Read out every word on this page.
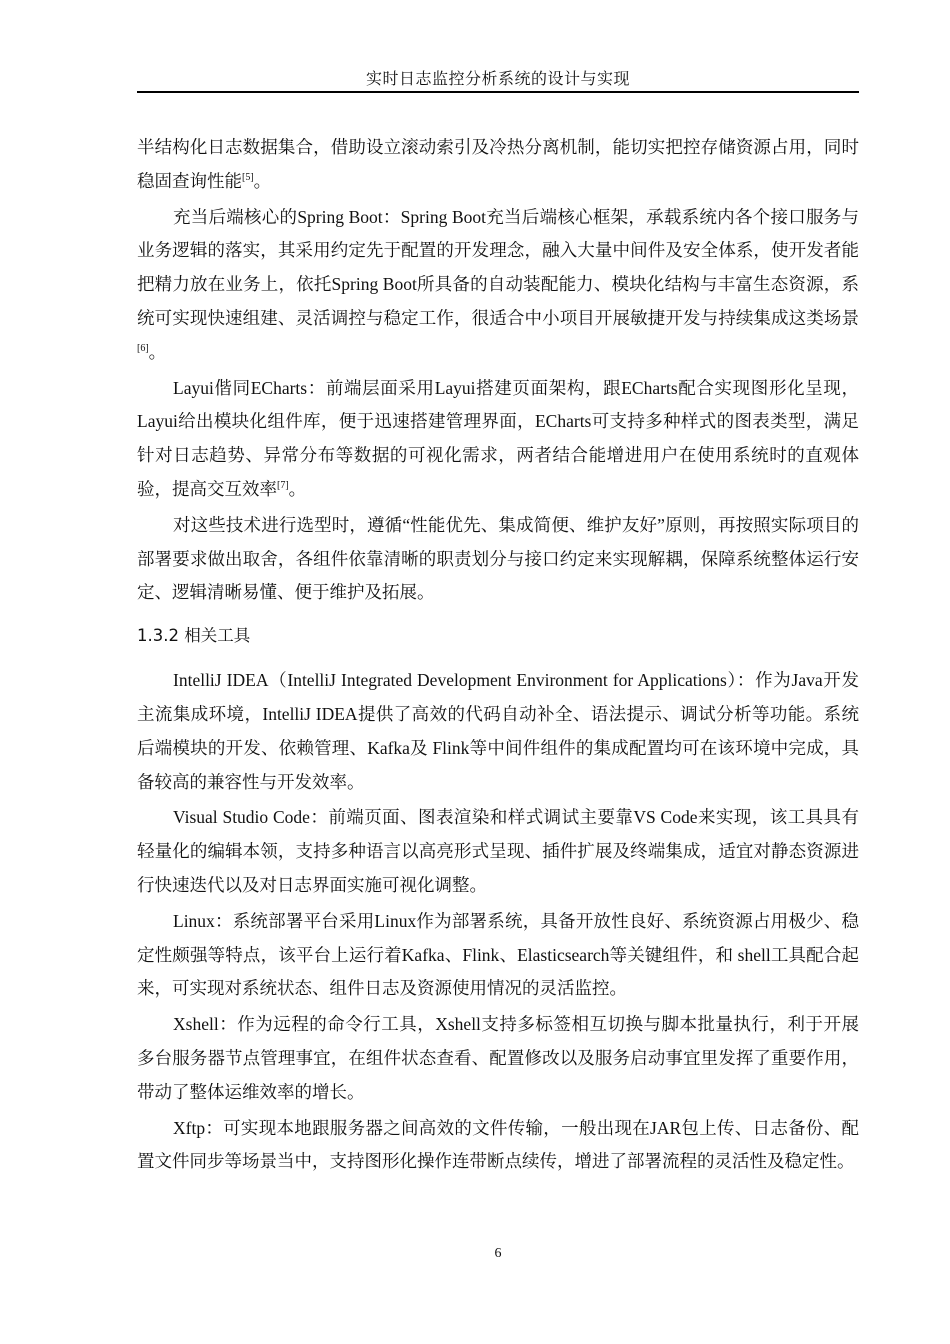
实时日志监控分析系统的设计与实现

半结构化日志数据集合，借助设立滚动索引及冷热分离机制，能切实把控存储资源占用，同时稳固查询性能[5]。

充当后端核心的Spring Boot：Spring Boot充当后端核心框架，承载系统内各个接口服务与业务逻辑的落实，其采用约定先于配置的开发理念，融入大量中间件及安全体系，使开发者能把精力放在业务上，依托Spring Boot所具备的自动装配能力、模块化结构与丰富生态资源，系统可实现快速组建、灵活调控与稳定工作，很适合中小项目开展敏捷开发与持续集成这类场景[6]。

Layui偕同ECharts：前端层面采用Layui搭建页面架构，跟ECharts配合实现图形化呈现，Layui给出模块化组件库，便于迅速搭建管理界面，ECharts可支持多种样式的图表类型，满足针对日志趋势、异常分布等数据的可视化需求，两者结合能增进用户在使用系统时的直观体验，提高交互效率[7]。

对这些技术进行选型时，遵循“性能优先、集成简便、维护友好”原则，再按照实际项目的部署要求做出取舍，各组件依靠清晰的职责划分与接口约定来实现解耦，保障系统整体运行安定、逻辑清晰易懂、便于维护及拓展。

1.3.2 相关工具

IntelliJ IDEA（IntelliJ Integrated Development Environment for Applications）：作为Java开发主流集成环境，IntelliJ IDEA提供了高效的代码自动补全、语法提示、调试分析等功能。系统后端模块的开发、依赖管理、Kafka及 Flink等中间件组件的集成配置均可在该环境中完成，具备较高的兼容性与开发效率。

Visual Studio Code：前端页面、图表渲染和样式调试主要靠VS Code来实现，该工具具有轻量化的编辑本领，支持多种语言以高亮形式呈现、插件扩展及终端集成，适宜对静态资源进行快速迭代以及对日志界面实施可视化调整。

Linux：系统部署平台采用Linux作为部署系统，具备开放性良好、系统资源占用极少、稳定性颇强等特点，该平台上运行着Kafka、Flink、Elasticsearch等关键组件，和 shell工具配合起来，可实现对系统状态、组件日志及资源使用情况的灵活监控。

Xshell：作为远程的命令行工具，Xshell支持多标签相互切换与脚本批量执行，利于开展多台服务器节点管理事宜，在组件状态查看、配置修改以及服务启动事宜里发挥了重要作用，带动了整体运维效率的增长。

Xftp：可实现本地跟服务器之间高效的文件传输，一般出现在JAR包上传、日志备份、配置文件同步等场景当中，支持图形化操作连带断点续传，增进了部署流程的灵活性及稳定性。

6
